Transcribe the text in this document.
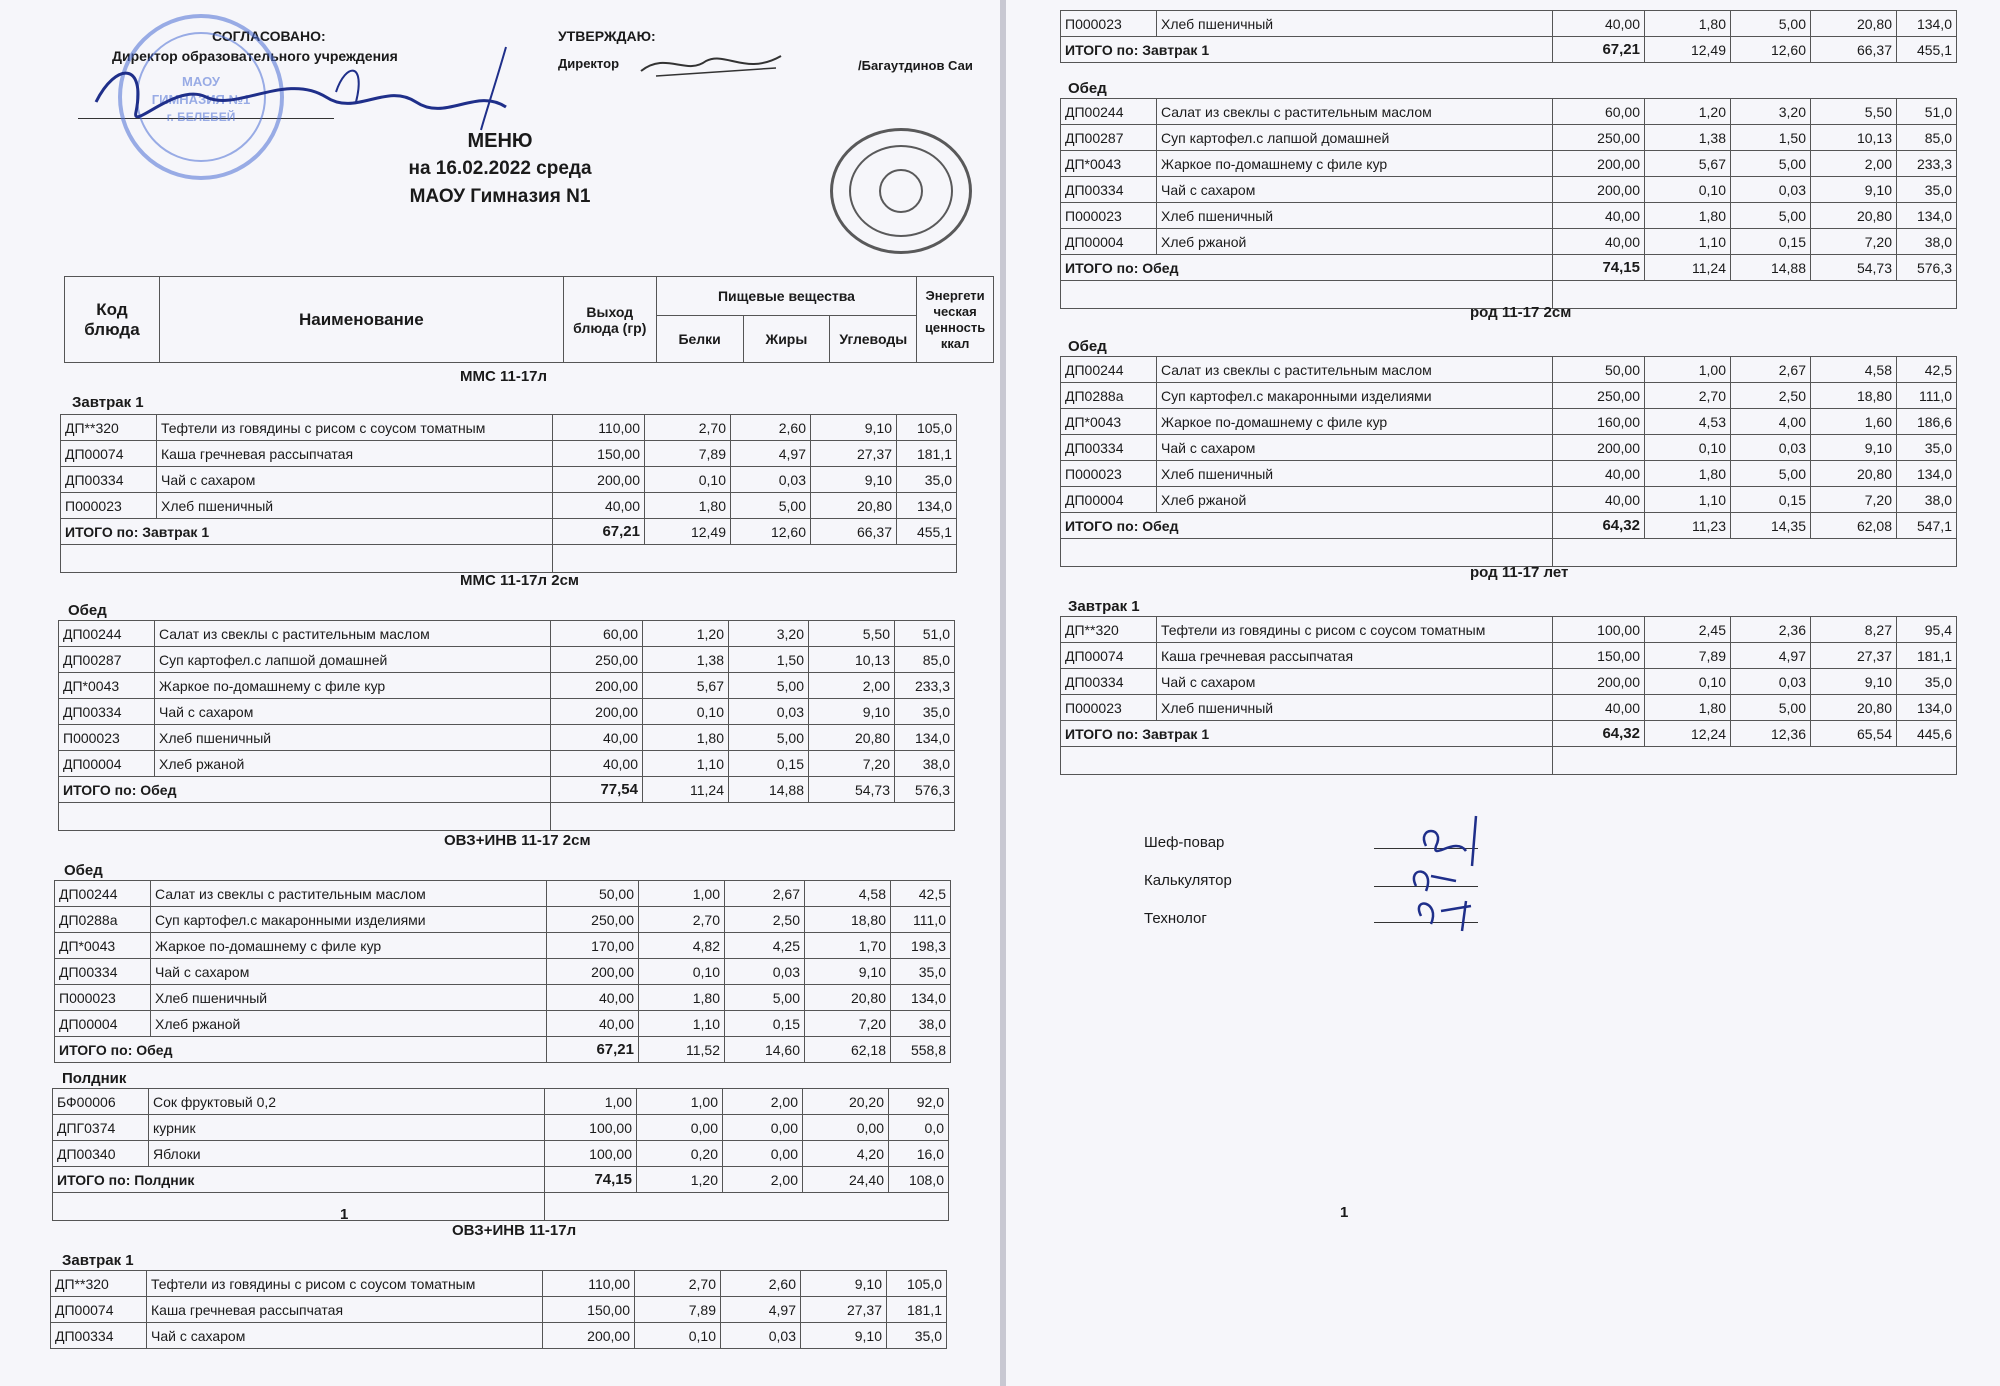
СОГЛАСОВАНО:
Директор образовательного учреждения
МАОУ
ГИМНАЗИЯ №1
г. БЕЛЕБЕЙ
УТВЕРЖДАЮ:
Директор	/Багаутдинов Саи
МЕНЮ
на 16.02.2022 среда
МАОУ Гимназия N1
Код блюда	Наименование	Выход блюда (гр)	Пищевые вещества			Энергети
ческая
ценность
ккал

			Белки	Жиры	Углеводы	
ММС 11-17л
Завтрак 1
ДП**320	Тефтели из говядины с рисом с соусом томатным	110,00	2,70	2,60	9,10	105,0
ДП00074	Каша гречневая рассыпчатая	150,00	7,89	4,97	27,37	181,1
ДП00334	Чай с сахаром	200,00	0,10	0,03	9,10	35,0
П000023	Хлеб пшеничный	40,00	1,80	5,00	20,80	134,0
ИТОГО по: Завтрак 1		67,21	12,49	12,60	66,37	455,1

ММС 11-17л 2см
Обед
ДП00244	Салат из свеклы с растительным маслом	60,00	1,20	3,20	5,50	51,0
ДП00287	Суп картофел.с лапшой домашней	250,00	1,38	1,50	10,13	85,0
ДП*0043	Жаркое по-домашнему с филе кур	200,00	5,67	5,00	2,00	233,3
ДП00334	Чай с сахаром	200,00	0,10	0,03	9,10	35,0
П000023	Хлеб пшеничный	40,00	1,80	5,00	20,80	134,0
ДП00004	Хлеб ржаной	40,00	1,10	0,15	7,20	38,0
ИТОГО по: Обед		77,54	11,24	14,88	54,73	576,3

ОВЗ+ИНВ 11-17 2см
Обед
ДП00244	Салат из свеклы с растительным маслом	50,00	1,00	2,67	4,58	42,5
ДП0288а	Суп картофел.с макаронными изделиями	250,00	2,70	2,50	18,80	111,0
ДП*0043	Жаркое по-домашнему с филе кур	170,00	4,82	4,25	1,70	198,3
ДП00334	Чай с сахаром	200,00	0,10	0,03	9,10	35,0
П000023	Хлеб пшеничный	40,00	1,80	5,00	20,80	134,0
ДП00004	Хлеб ржаной	40,00	1,10	0,15	7,20	38,0
ИТОГО по: Обед		67,21	11,52	14,60	62,18	558,8
Полдник
БФ00006	Сок фруктовый 0,2	1,00	1,00	2,00	20,20	92,0
ДПГ0374	курник	100,00	0,00	0,00	0,00	0,0
ДП00340	Яблоки	100,00	0,20	0,00	4,20	16,0
ИТОГО по: Полдник		74,15	1,20	2,00	24,40	108,0

1
ОВЗ+ИНВ 11-17л
Завтрак 1
ДП**320	Тефтели из говядины с рисом с соусом томатным	110,00	2,70	2,60	9,10	105,0
ДП00074	Каша гречневая рассыпчатая	150,00	7,89	4,97	27,37	181,1
ДП00334	Чай с сахаром	200,00	0,10	0,03	9,10	35,0
П000023	Хлеб пшеничный	40,00	1,80	5,00	20,80	134,0
ИТОГО по: Завтрак 1		67,21	12,49	12,60	66,37	455,1
Обед
ДП00244	Салат из свеклы с растительным маслом	60,00	1,20	3,20	5,50	51,0
ДП00287	Суп картофел.с лапшой домашней	250,00	1,38	1,50	10,13	85,0
ДП*0043	Жаркое по-домашнему с филе кур	200,00	5,67	5,00	2,00	233,3
ДП00334	Чай с сахаром	200,00	0,10	0,03	9,10	35,0
П000023	Хлеб пшеничный	40,00	1,80	5,00	20,80	134,0
ДП00004	Хлеб ржаной	40,00	1,10	0,15	7,20	38,0
ИТОГО по: Обед		74,15	11,24	14,88	54,73	576,3

род 11-17 2см
Обед
ДП00244	Салат из свеклы с растительным маслом	50,00	1,00	2,67	4,58	42,5
ДП0288а	Суп картофел.с макаронными изделиями	250,00	2,70	2,50	18,80	111,0
ДП*0043	Жаркое по-домашнему с филе кур	160,00	4,53	4,00	1,60	186,6
ДП00334	Чай с сахаром	200,00	0,10	0,03	9,10	35,0
П000023	Хлеб пшеничный	40,00	1,80	5,00	20,80	134,0
ДП00004	Хлеб ржаной	40,00	1,10	0,15	7,20	38,0
ИТОГО по: Обед		64,32	11,23	14,35	62,08	547,1

род 11-17 лет
Завтрак 1
ДП**320	Тефтели из говядины с рисом с соусом томатным	100,00	2,45	2,36	8,27	95,4
ДП00074	Каша гречневая рассыпчатая	150,00	7,89	4,97	27,37	181,1
ДП00334	Чай с сахаром	200,00	0,10	0,03	9,10	35,0
П000023	Хлеб пшеничный	40,00	1,80	5,00	20,80	134,0
ИТОГО по: Завтрак 1		64,32	12,24	12,36	65,54	445,6

Шеф-повар
Калькулятор
Технолог
1
